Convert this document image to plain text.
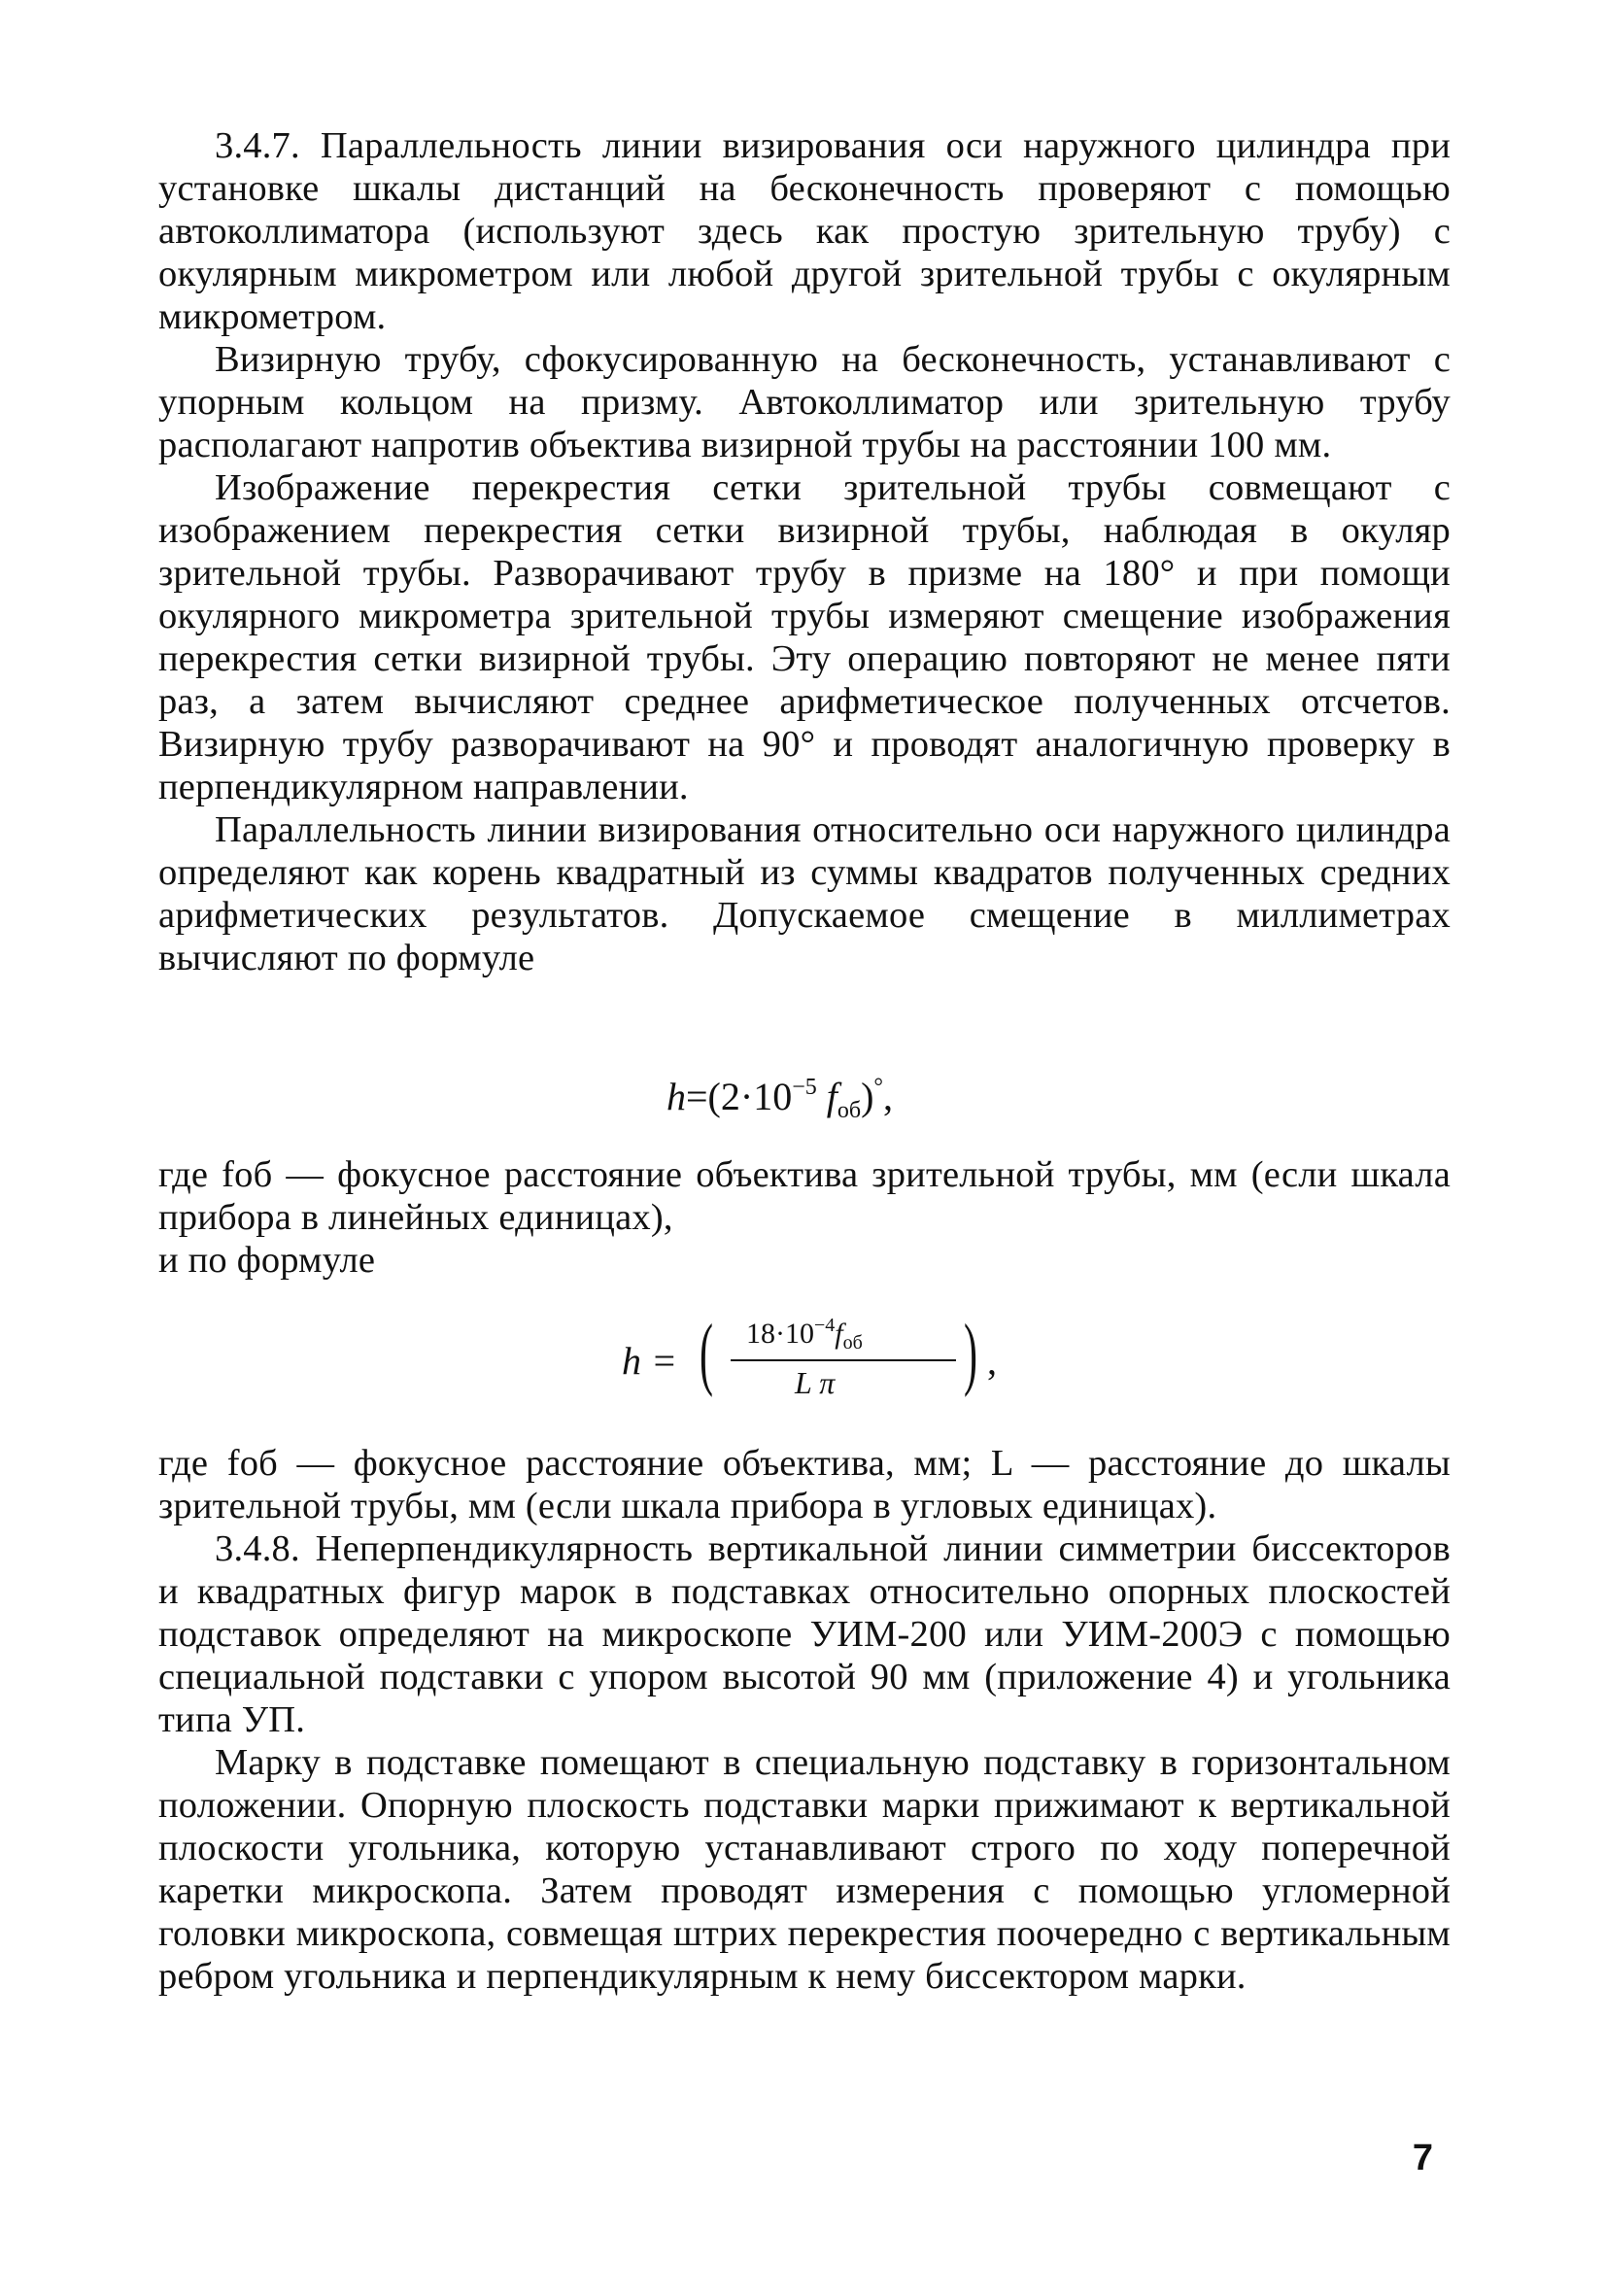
3.4.7. Параллельность линии визирования оси наружного цилиндра при установке шкалы дистанций на бесконечность проверяют с помощью автоколлиматора (используют здесь как простую зрительную трубу) с окулярным микрометром или любой другой зрительной трубы с окулярным микрометром.

Визирную трубу, сфокусированную на бесконечность, устанавливают с упорным кольцом на призму. Автоколлиматор или зрительную трубу располагают напротив объектива визирной трубы на расстоянии 100 мм.

Изображение перекрестия сетки зрительной трубы совмещают с изображением перекрестия сетки визирной трубы, наблюдая в окуляр зрительной трубы. Разворачивают трубу в призме на 180° и при помощи окулярного микрометра зрительной трубы измеряют смещение изображения перекрестия сетки визирной трубы. Эту операцию повторяют не менее пяти раз, а затем вычисляют среднее арифметическое полученных отсчетов. Визирную трубу разворачивают на 90° и проводят аналогичную проверку в перпендикулярном направлении.

Параллельность линии визирования относительно оси наружного цилиндра определяют как корень квадратный из суммы квадратов полученных средних арифметических результатов. Допускаемое смещение в миллиметрах вычисляют по формуле

$h=(2\cdot 10^{-5}$ $f_{об})^\circ$,

где fоб — фокусное расстояние объектива зрительной трубы, мм (если шкала прибора в линейных единицах),

и по формуле

h = ( $18\cdot 10^{-4}f_{об}$
L π ) ,

где fоб — фокусное расстояние объектива, мм; L — расстояние до шкалы зрительной трубы, мм (если шкала прибора в угловых единицах).

3.4.8. Неперпендикулярность вертикальной линии симметрии биссекторов и квадратных фигур марок в подставках относительно опорных плоскостей подставок определяют на микроскопе УИМ-200 или УИМ-200Э с помощью специальной подставки с упором высотой 90 мм (приложение 4) и угольника типа УП.

Марку в подставке помещают в специальную подставку в горизонтальном положении. Опорную плоскость подставки марки прижимают к вертикальной плоскости угольника, которую устанавливают строго по ходу поперечной каретки микроскопа. Затем проводят измерения с помощью угломерной головки микроскопа, совмещая штрих перекрестия поочередно с вертикальным ребром угольника и перпендикулярным к нему биссектором марки.

7
